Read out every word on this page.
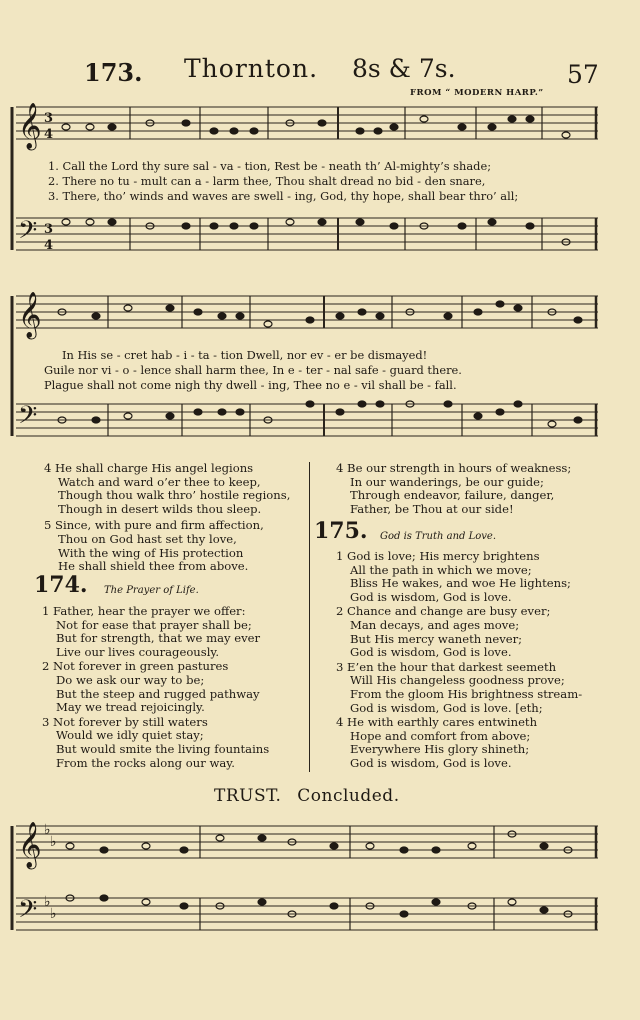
173. Thornton. 8s & 7s.	57
FROM “ MODERN HARP.”
𝄞
𝄢
𝄞
𝄢
𝄞
𝄢
3
4
3
4
♭
♭
♭
♭
1. Call the Lord thy sure sal - va - tion, Rest be - neath th’ Al-mighty’s shade;
2. There no tu - mult can a - larm thee, Thou shalt dread no bid - den snare,
3. There, tho’ winds and waves are swell - ing, God, thy hope, shall bear thro’ all;
In His se - cret hab - i - ta - tion Dwell, nor ev - er be dismayed!
Guile nor vi - o - lence shall harm thee, In e - ter - nal safe - guard there.
Plague shall not come nigh thy dwell - ing, Thee no e - vil shall be - fall.
4 He shall charge His angel legions
Watch and ward o’er thee to keep,
Though thou walk thro’ hostile regions,
Though in desert wilds thou sleep.
5 Since, with pure and firm affection,
Thou on God hast set thy love,
With the wing of His protection
He shall shield thee from above.
174. The Prayer of Life.
1 Father, hear the prayer we offer:
Not for ease that prayer shall be;
But for strength, that we may ever
Live our lives courageously.
2 Not forever in green pastures
Do we ask our way to be;
But the steep and rugged pathway
May we tread rejoicingly.
3 Not forever by still waters
Would we idly quiet stay;
But would smite the living fountains
From the rocks along our way.
4 Be our strength in hours of weakness;
In our wanderings, be our guide;
Through endeavor, failure, danger,
Father, be Thou at our side!
175. God is Truth and Love.
1 God is love; His mercy brightens
All the path in which we move;
Bliss He wakes, and woe He lightens;
God is wisdom, God is love.
2 Chance and change are busy ever;
Man decays, and ages move;
But His mercy waneth never;
God is wisdom, God is love.
3 E’en the hour that darkest seemeth
Will His changeless goodness prove;
From the gloom His brightness stream-
God is wisdom, God is love. [eth;
4 He with earthly cares entwineth
Hope and comfort from above;
Everywhere His glory shineth;
God is wisdom, God is love.
TRUST. Concluded.
